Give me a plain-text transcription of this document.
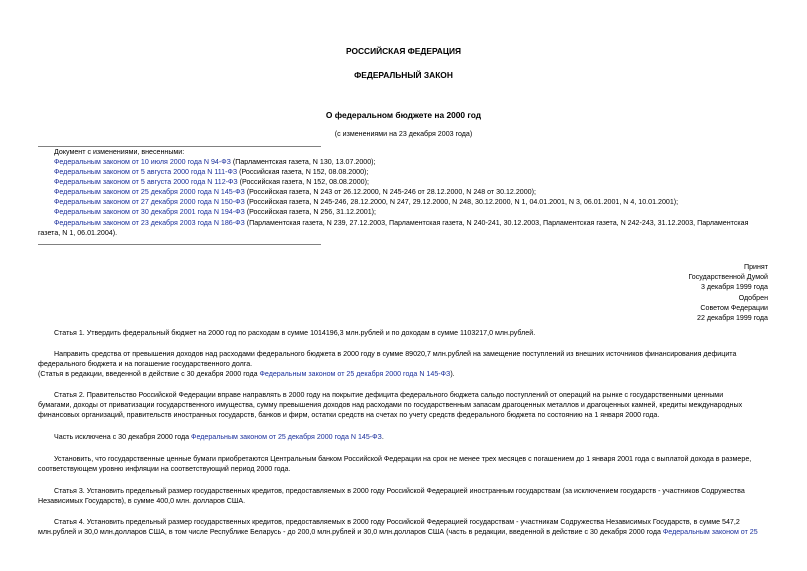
РОССИЙСКАЯ ФЕДЕРАЦИЯ
ФЕДЕРАЛЬНЫЙ ЗАКОН
О федеральном бюджете на 2000 год
(с изменениями на 23 декабря 2003 года)
Документ с изменениями, внесенными:
Федеральным законом от 10 июля 2000 года N 94-ФЗ (Парламентская газета, N 130, 13.07.2000);
Федеральным законом от 5 августа 2000 года N 111-ФЗ (Российская газета, N 152, 08.08.2000);
Федеральным законом от 5 августа 2000 года N 112-ФЗ (Российская газета, N 152, 08.08.2000);
Федеральным законом от 25 декабря 2000 года N 145-ФЗ (Российская газета, N 243 от 26.12.2000, N 245-246 от 28.12.2000, N 248 от 30.12.2000);
Федеральным законом от 27 декабря 2000 года N 150-ФЗ (Российская газета, N 245-246, 28.12.2000, N 247, 29.12.2000, N 248, 30.12.2000, N 1, 04.01.2001, N 3, 06.01.2001, N 4, 10.01.2001);
Федеральным законом от 30 декабря 2001 года N 194-ФЗ (Российская газета, N 256, 31.12.2001);
Федеральным законом от 23 декабря 2003 года N 186-ФЗ (Парламентская газета, N 239, 27.12.2003, Парламентская газета, N 240-241, 30.12.2003, Парламентская газета, N 242-243, 31.12.2003, Парламентская
газета, N 1, 06.01.2004).
Принят
Государственной Думой
3 декабря 1999 года
Одобрен
Советом Федерации
22 декабря 1999 года

Статья 1. Утвердить федеральный бюджет на 2000 год по расходам в сумме 1014196,3 млн.рублей и по доходам в сумме 1103217,0 млн.рублей.

Направить средства от превышения доходов над расходами федерального бюджета в 2000 году в сумме 89020,7 млн.рублей на замещение поступлений из внешних источников финансирования дефицита

федерального бюджета и на погашение государственного долга.

(Статья в редакции, введенной в действие с 30 декабря 2000 года Федеральным законом от 25 декабря 2000 года N 145-ФЗ).

Статья 2. Правительство Российской Федерации вправе направлять в 2000 году на покрытие дефицита федерального бюджета сальдо поступлений от операций на рынке с государственными ценными

бумагами, доходы от приватизации государственного имущества, сумму превышения доходов над расходами по государственным запасам драгоценных металлов и драгоценных камней, кредиты международных

финансовых организаций, правительств иностранных государств, банков и фирм, остатки средств на счетах по учету средств федерального бюджета по состоянию на 1 января 2000 года.

Часть исключена с 30 декабря 2000 года Федеральным законом от 25 декабря 2000 года N 145-ФЗ.

Установить, что государственные ценные бумаги приобретаются Центральным банком Российской Федерации на срок не менее трех месяцев с погашением до 1 января 2001 года с выплатой дохода в размере,

соответствующем уровню инфляции на соответствующий период 2000 года.

Статья 3. Установить предельный размер государственных кредитов, предоставляемых в 2000 году Российской Федерацией иностранным государствам (за исключением государств - участников Содружества

Независимых Государств), в сумме 400,0 млн. долларов США.

Статья 4. Установить предельный размер государственных кредитов, предоставляемых в 2000 году Российской Федерацией государствам - участникам Содружества Независимых Государств, в сумме 547,2

млн.рублей и 30,0 млн.долларов США, в том числе Республике Беларусь - до 200,0 млн.рублей и 30,0 млн.долларов США (часть в редакции, введенной в действие с 30 декабря 2000 года Федеральным законом от 25
